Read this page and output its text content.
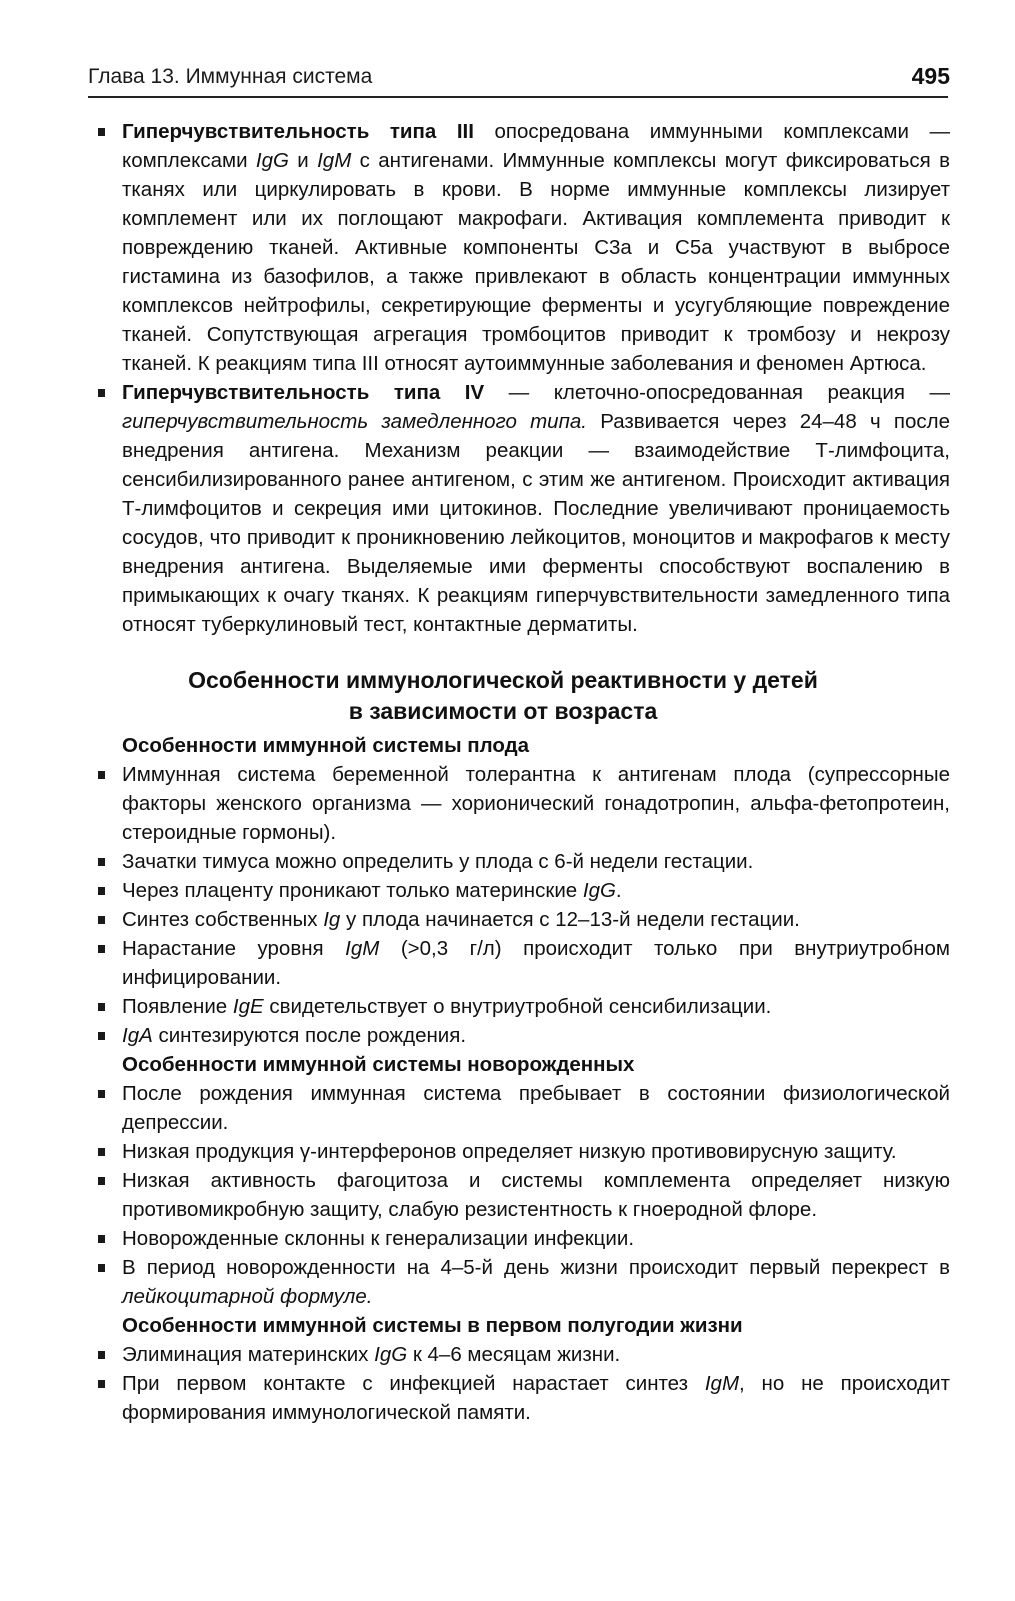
Глава 13. Иммунная система	495
Гиперчувствительность типа III опосредована иммунными комплексами — комплексами IgG и IgM с антигенами. Иммунные комплексы могут фиксироваться в тканях или циркулировать в крови. В норме иммунные комплексы лизирует комплемент или их поглощают макрофаги. Активация комплемента приводит к повреждению тканей. Активные компоненты С3а и С5а участвуют в выбросе гистамина из базофилов, а также привлекают в область концентрации иммунных комплексов нейтрофилы, секретирующие ферменты и усугубляющие повреждение тканей. Сопутствующая агрегация тромбоцитов приводит к тромбозу и некрозу тканей. К реакциям типа III относят аутоиммунные заболевания и феномен Артюса.
Гиперчувствительность типа IV — клеточно-опосредованная реакция — гиперчувствительность замедленного типа. Развивается через 24–48 ч после внедрения антигена. Механизм реакции — взаимодействие Т-лимфоцита, сенсибилизированного ранее антигеном, с этим же антигеном. Происходит активация Т-лимфоцитов и секреция ими цитокинов. Последние увеличивают проницаемость сосудов, что приводит к проникновению лейкоцитов, моноцитов и макрофагов к месту внедрения антигена. Выделяемые ими ферменты способствуют воспалению в примыкающих к очагу тканях. К реакциям гиперчувствительности замедленного типа относят туберкулиновый тест, контактные дерматиты.
Особенности иммунологической реактивности у детей
в зависимости от возраста
Особенности иммунной системы плода
Иммунная система беременной толерантна к антигенам плода (супрессорные факторы женского организма — хорионический гонадотропин, альфа-фетопротеин, стероидные гормоны).
Зачатки тимуса можно определить у плода с 6-й недели гестации.
Через плаценту проникают только материнские IgG.
Синтез собственных Ig у плода начинается с 12–13-й недели гестации.
Нарастание уровня IgM (>0,3 г/л) происходит только при внутриутробном инфицировании.
Появление IgE свидетельствует о внутриутробной сенсибилизации.
IgA синтезируются после рождения.
Особенности иммунной системы новорожденных
После рождения иммунная система пребывает в состоянии физиологической депрессии.
Низкая продукция γ-интерферонов определяет низкую противовирусную защиту.
Низкая активность фагоцитоза и системы комплемента определяет низкую противомикробную защиту, слабую резистентность к гноеродной флоре.
Новорожденные склонны к генерализации инфекции.
В период новорожденности на 4–5-й день жизни происходит первый перекрест в лейкоцитарной формуле.
Особенности иммунной системы в первом полугодии жизни
Элиминация материнских IgG к 4–6 месяцам жизни.
При первом контакте с инфекцией нарастает синтез IgM, но не происходит формирования иммунологической памяти.
